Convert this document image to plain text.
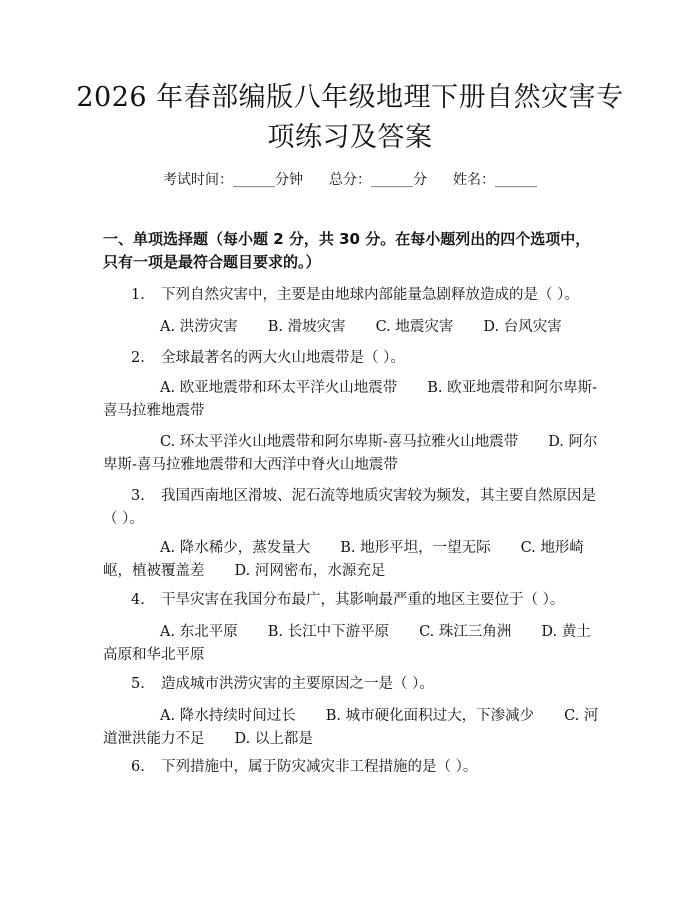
2026 年春部编版八年级地理下册自然灾害专
项练习及答案
考试时间：______分钟 总分：______分 姓名：______
一、单项选择题（每小题 2 分，共 30 分。在每小题列出的四个选项中，只有一项是最符合题目要求的。）
1. 下列自然灾害中，主要是由地球内部能量急剧释放造成的是（ ）。
A. 洪涝灾害 B. 滑坡灾害 C. 地震灾害 D. 台风灾害
2. 全球最著名的两大火山地震带是（ ）。
A. 欧亚地震带和环太平洋火山地震带 B. 欧亚地震带和阿尔卑斯-喜马拉雅地震带
C. 环太平洋火山地震带和阿尔卑斯-喜马拉雅火山地震带 D. 阿尔卑斯-喜马拉雅地震带和大西洋中脊火山地震带
3. 我国西南地区滑坡、泥石流等地质灾害较为频发，其主要自然原因是（ ）。
A. 降水稀少，蒸发量大 B. 地形平坦，一望无际 C. 地形崎岖，植被覆盖差 D. 河网密布，水源充足
4. 干旱灾害在我国分布最广，其影响最严重的地区主要位于（ ）。
A. 东北平原 B. 长江中下游平原 C. 珠江三角洲 D. 黄土高原和华北平原
5. 造成城市洪涝灾害的主要原因之一是（ ）。
A. 降水持续时间过长 B. 城市硬化面积过大，下渗减少 C. 河道泄洪能力不足 D. 以上都是
6. 下列措施中，属于防灾减灾非工程措施的是（ ）。
